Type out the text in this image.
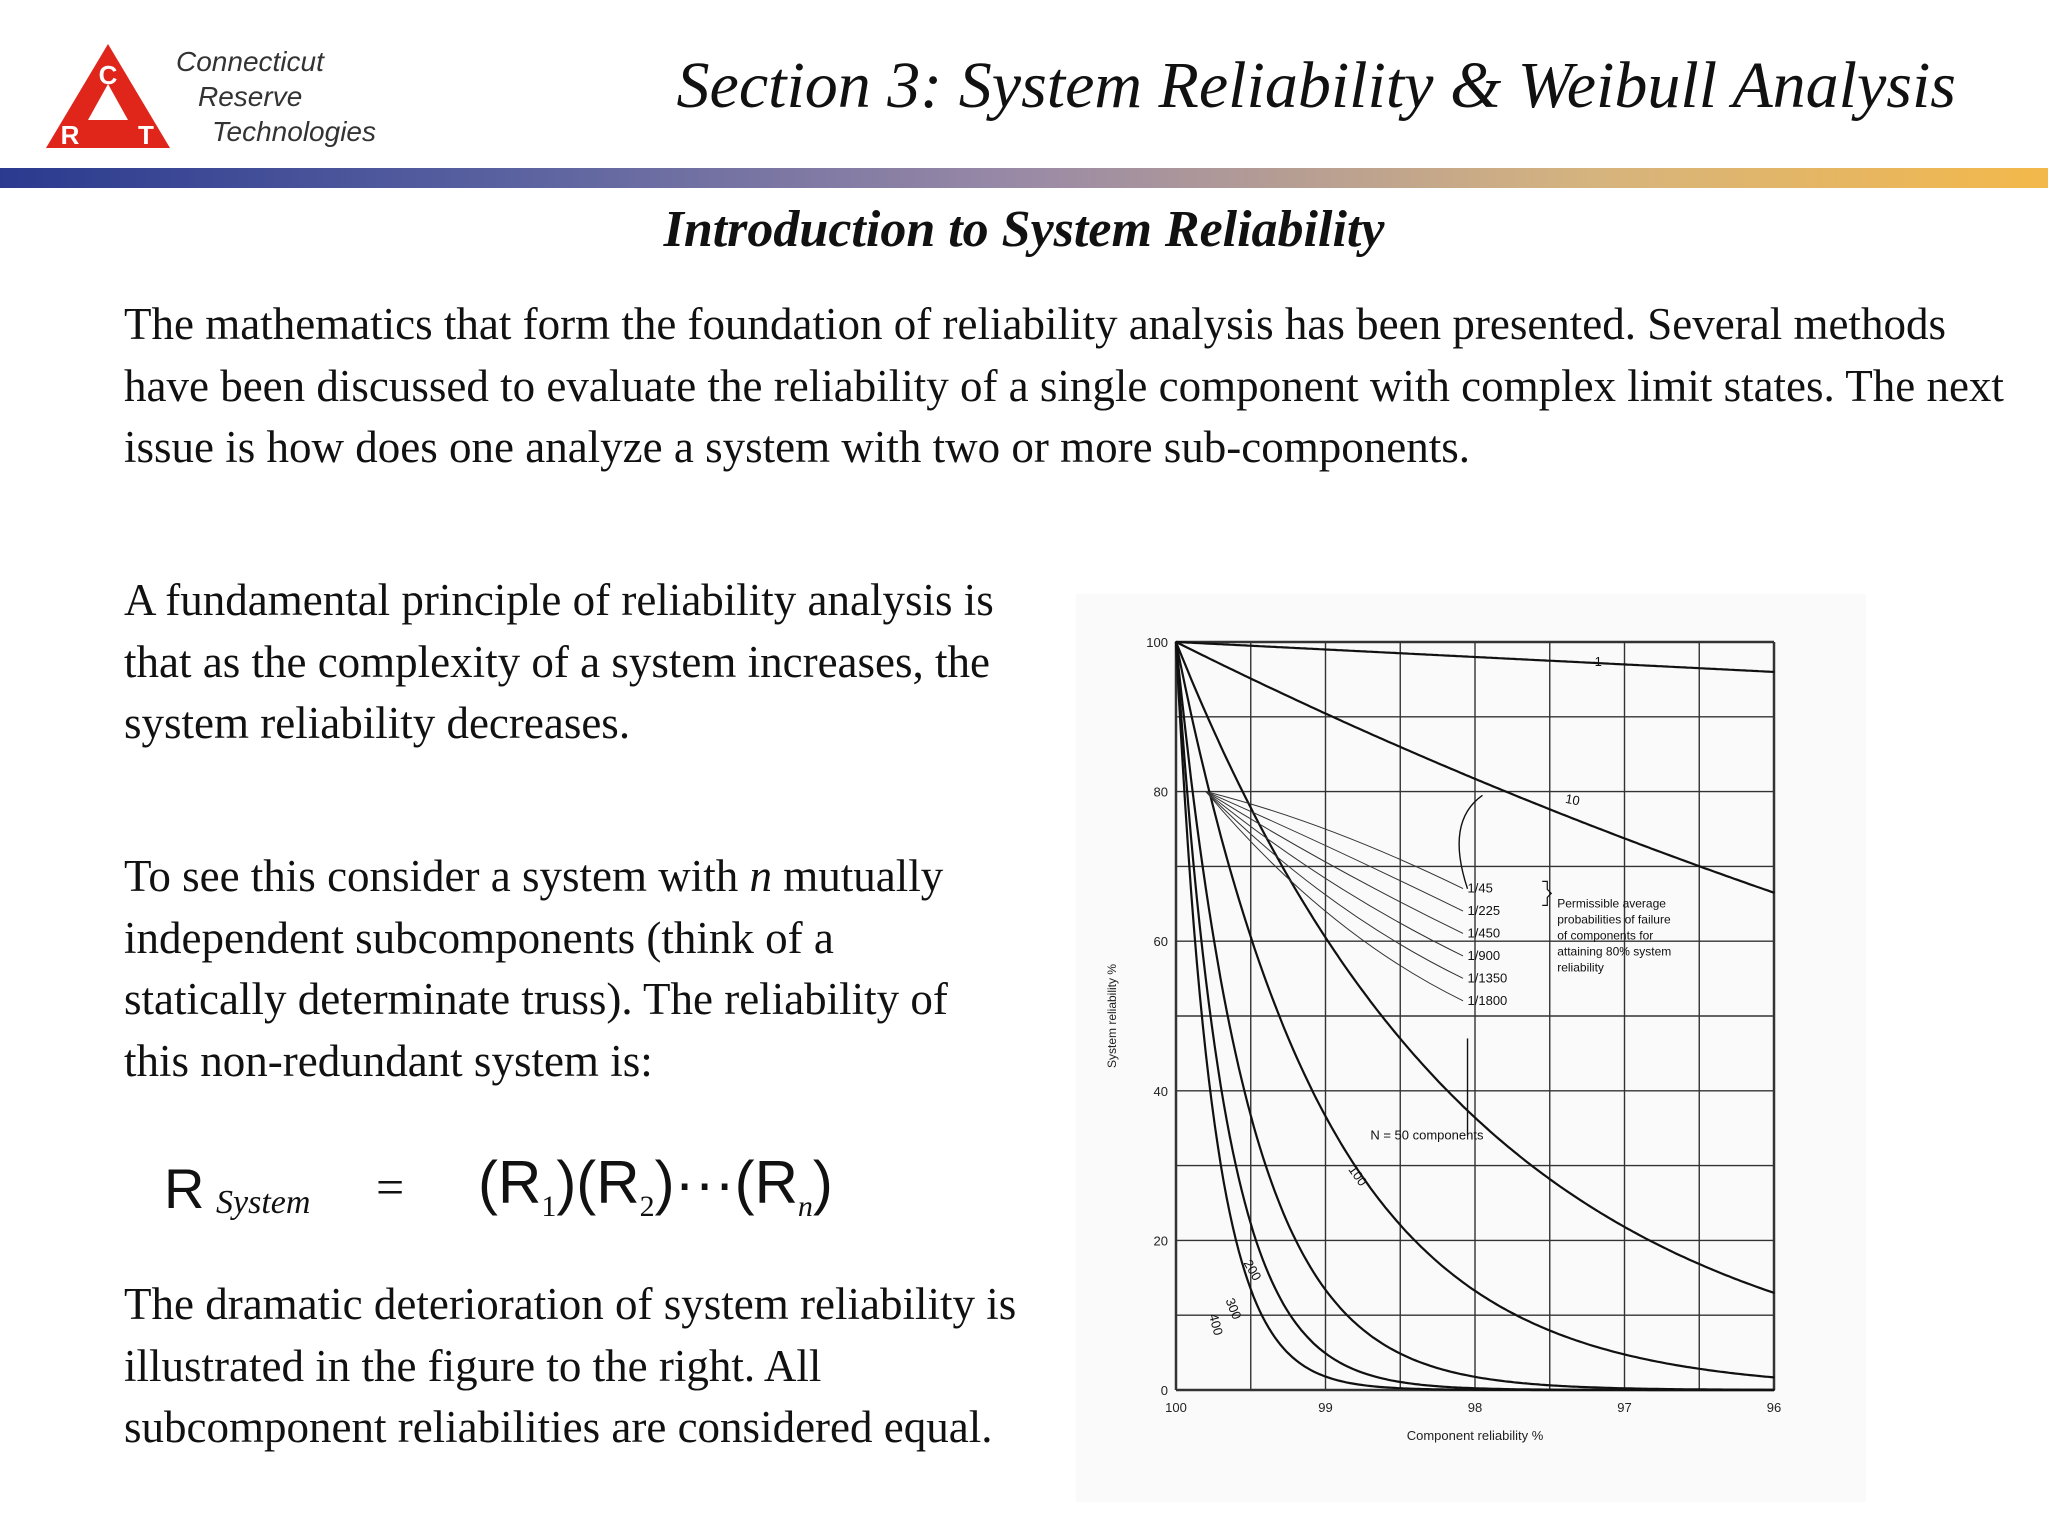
C
R T
Connecticut
Reserve
Technologies
Section 3: System Reliability & Weibull Analysis
Introduction to System Reliability

The mathematics that form the foundation of reliability analysis has been presented. Several methods have been discussed to evaluate the reliability of a single component with complex limit states. The next issue is how does one analyze a system with two or more sub-components.

A fundamental principle of reliability analysis is that as the complexity of a system increases, the system reliability decreases.

To see this consider a system with n mutually independent subcomponents (think of a statically determinate truss). The reliability of this non-redundant system is:

R System = $(R_1)(R_2)\cdot\cdot\cdot(R_n)$

The dramatic deterioration of system reliability is illustrated in the figure to the right. All subcomponent reliabilities are considered equal.	100	99	98	97	96
0
20
40
60
80
100
Component reliability %
System reliability %
1
10
100
200
300
400
N = 50 components
1/45
1/225
1/450
1/900
1/1350
1/1800
Permissible average
probabilities of failure
of components for
attaining 80% system
reliability
